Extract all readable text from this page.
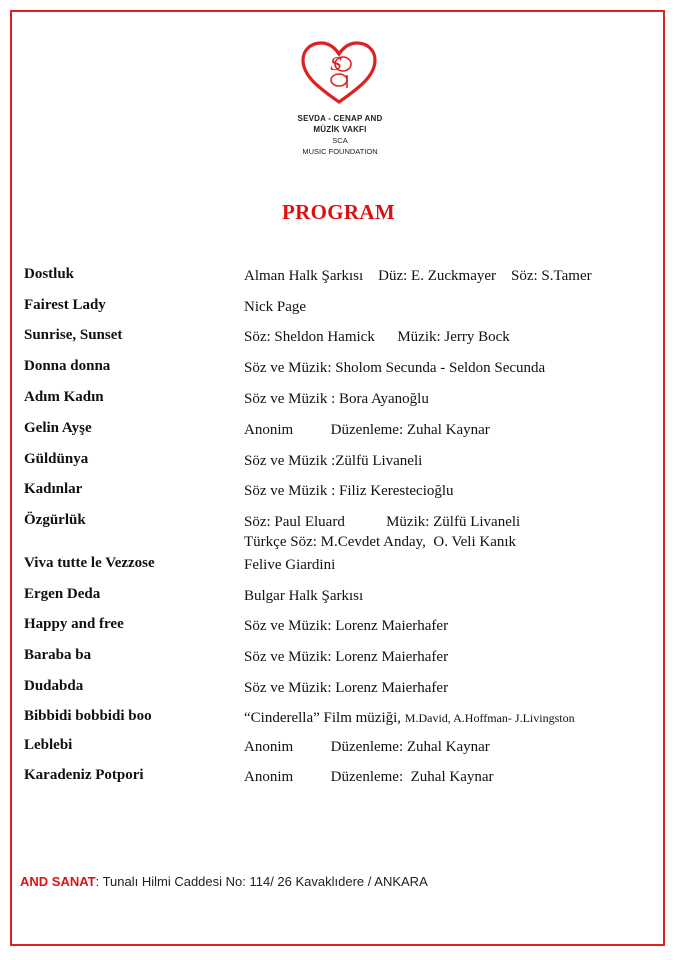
S
SEVDA - CENAP AND
MÜZİK VAKFI
SCA
MUSIC FOUNDATION
PROGRAM
Dostluk	Alman Halk Şarkısı    Düz: E. Zuckmayer    Söz: S.Tamer
Fairest Lady	Nick Page
Sunrise, Sunset	Söz: Sheldon Hamick      Müzik: Jerry Bock
Donna donna	Söz ve Müzik: Sholom Secunda - Seldon Secunda
Adım Kadın	Söz ve Müzik : Bora Ayanoğlu
Gelin Ayşe	Anonim          Düzenleme: Zuhal Kaynar
Güldünya	Söz ve Müzik :Zülfü Livaneli
Kadınlar	Söz ve Müzik : Filiz Kerestecioğlu
Özgürlük	Söz: Paul Eluard           Müzik: Zülfü Livaneli
Türkçe Söz: M.Cevdet Anday,  O. Veli Kanık
Viva tutte le Vezzose	Felive Giardini
Ergen Deda	Bulgar Halk Şarkısı
Happy and free	Söz ve Müzik: Lorenz Maierhafer
Baraba ba	Söz ve Müzik: Lorenz Maierhafer
Dudabda	Söz ve Müzik: Lorenz Maierhafer
Bibbidi bobbidi boo	“Cinderella” Film müziği, M.David, A.Hoffman- J.Livingston
Leblebi	Anonim          Düzenleme: Zuhal Kaynar
Karadeniz Potpori	Anonim          Düzenleme:  Zuhal Kaynar
AND SANAT: Tunalı Hilmi Caddesi No: 114/ 26 Kavaklıdere / ANKARA
